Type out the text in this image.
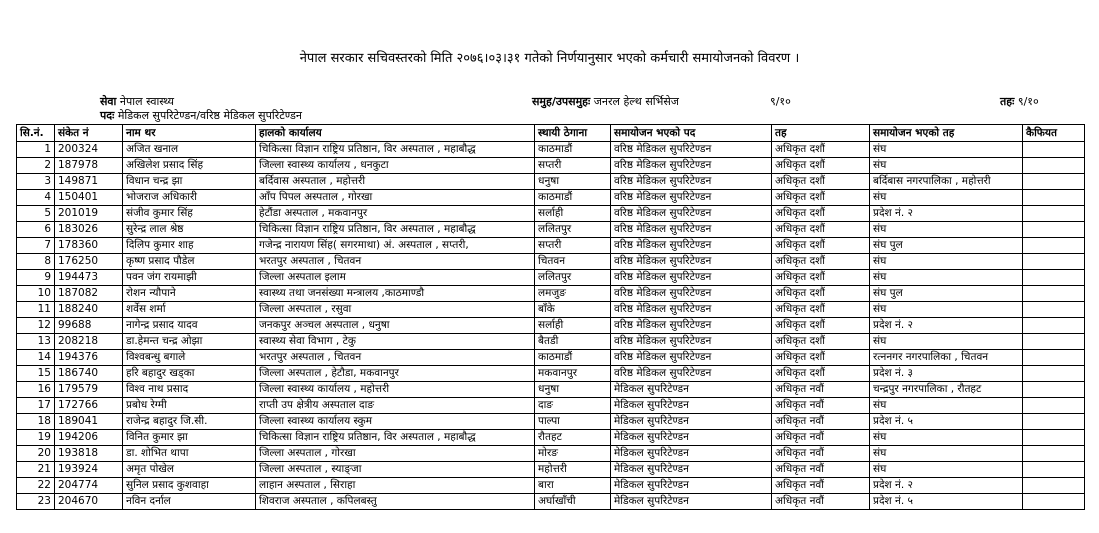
नेपाल सरकार सचिवस्तरको मिति २०७६।०३।३१ गतेको निर्णयानुसार भएको कर्मचारी समायोजनको विवरण ।
सेवा नेपाल स्वास्थ्य	समुह/उपसमुहः जनरल हेल्थ सर्भिसेज	९/१०	तहः ९/१०
पदः मेडिकल सुपरिटेण्डन/वरिष्ठ मेडिकल सुपरिटेण्डन
सि.नं.	संकेत नं	नाम थर	हालको कार्यालय	स्थायी ठेगाना	समायोजन भएको पद	तह	समायोजन भएको तह	कैफियत
1	200324	अजित खनाल	चिकित्सा विज्ञान राष्ट्रिय प्रतिष्ठान, विर अस्पताल , महाबौद्ध	काठमाडौं	वरिष्ठ मेडिकल सुपरिटेण्डन	अधिकृत दशौं	संघ	
2	187978	अखिलेश प्रसाद सिंह	जिल्ला स्वास्थ्य कार्यालय , धनकुटा	सप्तरी	वरिष्ठ मेडिकल सुपरिटेण्डन	अधिकृत दशौं	संघ	
3	149871	विधान चन्द्र झा	बर्दिवास अस्पताल , महोत्तरी	धनुषा	वरिष्ठ मेडिकल सुपरिटेण्डन	अधिकृत दशौं	बर्दिबास नगरपालिका , महोत्तरी	
4	150401	भोजराज अधिकारी	आँप पिपल अस्पताल , गोरखा	काठमाडौं	वरिष्ठ मेडिकल सुपरिटेण्डन	अधिकृत दशौं	संघ	
5	201019	संजीव कुमार सिंह	हेटौंडा अस्पताल , मकवानपुर	सर्लाही	वरिष्ठ मेडिकल सुपरिटेण्डन	अधिकृत दशौं	प्रदेश नं. २	
6	183026	सुरेन्द्र लाल श्रेष्ठ	चिकित्सा विज्ञान राष्ट्रिय प्रतिष्ठान, विर अस्पताल , महाबौद्ध	ललितपुर	वरिष्ठ मेडिकल सुपरिटेण्डन	अधिकृत दशौं	संघ	
7	178360	दिलिप कुमार शाह	गजेन्द्र नारायण सिंह( सगरमाथा) अं. अस्पताल , सप्तरी,	सप्तरी	वरिष्ठ मेडिकल सुपरिटेण्डन	अधिकृत दशौं	संघ पुल	
8	176250	कृष्ण प्रसाद पौडेल	भरतपुर अस्पताल , चितवन	चितवन	वरिष्ठ मेडिकल सुपरिटेण्डन	अधिकृत दशौं	संघ	
9	194473	पवन जंग रायमाझी	जिल्ला अस्पताल इलाम	ललितपुर	वरिष्ठ मेडिकल सुपरिटेण्डन	अधिकृत दशौं	संघ	
10	187082	रोशन न्यौपाने	स्वास्थ्य तथा जनसंख्या मन्त्रालय ,काठमाण्डौ	लमजुङ	वरिष्ठ मेडिकल सुपरिटेण्डन	अधिकृत दशौं	संघ पुल	
11	188240	शर्वेस शर्मा	जिल्ला अस्पताल , रसुवा	बाँके	वरिष्ठ मेडिकल सुपरिटेण्डन	अधिकृत दशौं	संघ	
12	99688	नागेन्द्र प्रसाद यादव	जनकपुर अञ्चल अस्पताल , धनुषा	सर्लाही	वरिष्ठ मेडिकल सुपरिटेण्डन	अधिकृत दशौं	प्रदेश नं. २	
13	208218	डा.हेमन्त चन्द्र ओझा	स्वास्थ्य सेवा विभाग , टेकु	बैतडी	वरिष्ठ मेडिकल सुपरिटेण्डन	अधिकृत दशौं	संघ	
14	194376	विश्वबन्धु बगाले	भरतपुर अस्पताल , चितवन	काठमाडौं	वरिष्ठ मेडिकल सुपरिटेण्डन	अधिकृत दशौं	रत्ननगर नगरपालिका , चितवन	
15	186740	हरि बहादुर खड्का	जिल्ला अस्पताल , हेटौडा, मकवानपुर	मकवानपुर	वरिष्ठ मेडिकल सुपरिटेण्डन	अधिकृत दशौं	प्रदेश नं. ३	
16	179579	विश्व नाथ प्रसाद	जिल्ला स्वास्थ्य कार्यालय , महोत्तरी	धनुषा	मेडिकल सुपरिटेण्डन	अधिकृत नवौं	चन्द्रपुर नगरपालिका , रौतहट	
17	172766	प्रबोध रेग्मी	राप्ती उप क्षेत्रीय अस्पताल दाङ	दाङ	मेडिकल सुपरिटेण्डन	अधिकृत नवौं	संघ	
18	189041	राजेन्द्र बहादुर जि.सी.	जिल्ला स्वास्थ्य कार्यालय स्कुम	पाल्पा	मेडिकल सुपरिटेण्डन	अधिकृत नवौं	प्रदेश नं. ५	
19	194206	विनित कुमार झा	चिकित्सा विज्ञान राष्ट्रिय प्रतिष्ठान, विर अस्पताल , महाबौद्ध	रौतहट	मेडिकल सुपरिटेण्डन	अधिकृत नवौं	संघ	
20	193818	डा. शोभित थापा	जिल्ला अस्पताल , गोरखा	मोरङ	मेडिकल सुपरिटेण्डन	अधिकृत नवौं	संघ	
21	193924	अमृत पोखेल	जिल्ला अस्पताल , स्याङ्जा	महोत्तरी	मेडिकल सुपरिटेण्डन	अधिकृत नवौं	संघ	
22	204774	सुनिल प्रसाद कुशवाहा	लाहान अस्पताल , सिराहा	बारा	मेडिकल सुपरिटेण्डन	अधिकृत नवौं	प्रदेश नं. २	
23	204670	नविन दर्नाल	शिवराज अस्पताल , कपिलबस्तु	अर्घाखाँची	मेडिकल सुपरिटेण्डन	अधिकृत नवौं	प्रदेश नं. ५	
